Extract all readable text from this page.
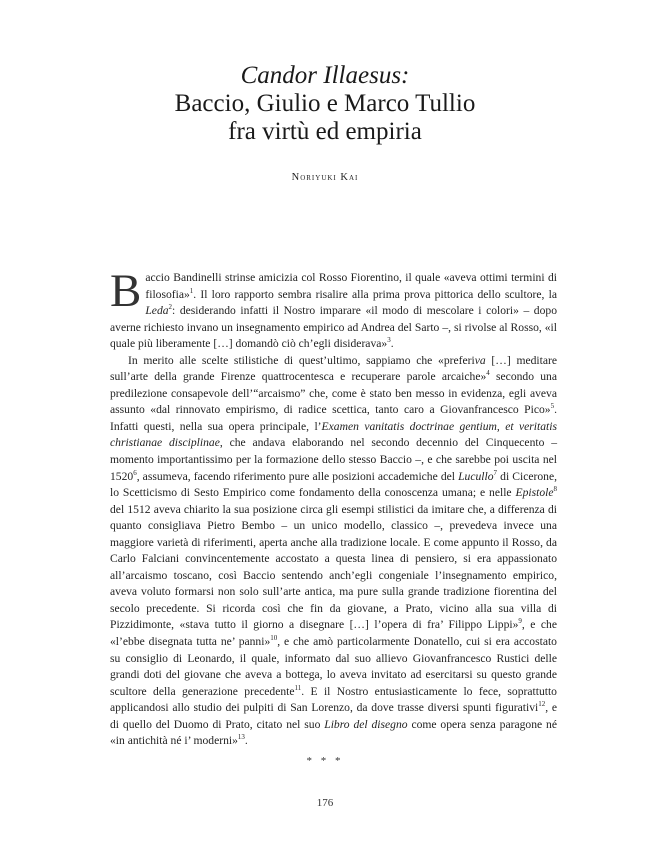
Candor Illaesus:
Baccio, Giulio e Marco Tullio
fra virtù ed empiria
Noriyuki Kai

Baccio Bandinelli strinse amicizia col Rosso Fiorentino, il quale «aveva ottimi termini di filosofia»$^1$. Il loro rapporto sembra risalire alla prima prova pittorica dello scultore, la Leda$^2$: desiderando infatti il Nostro imparare «il modo di mescolare i colori» – dopo averne richiesto invano un insegnamento empirico ad Andrea del Sarto –, si rivolse al Rosso, «il quale più liberamente […] domandò ciò ch’egli disiderava»$^3$.

In merito alle scelte stilistiche di quest’ultimo, sappiamo che «preferiva […] meditare sull’arte della grande Firenze quattrocentesca e recuperare parole arcaiche»$^4$ secondo una predilezione consapevole dell’“arcaismo” che, come è stato ben messo in evidenza, egli aveva assunto «dal rinnovato empirismo, di radice scettica, tanto caro a Giovanfrancesco Pico»$^5$. Infatti questi, nella sua opera principale, l’Examen vanitatis doctrinae gentium, et veritatis christianae disciplinae, che andava elaborando nel secondo decennio del Cinquecento – momento importantissimo per la formazione dello stesso Baccio –, e che sarebbe poi uscita nel 1520$^6$, assumeva, facendo riferimento pure alle posizioni accademiche del Lucullo$^7$ di Cicerone, lo Scetticismo di Sesto Empirico come fondamento della conoscenza umana; e nelle Epistole$^8$ del 1512 aveva chiarito la sua posizione circa gli esempi stilistici da imitare che, a differenza di quanto consigliava Pietro Bembo – un unico modello, classico –, prevedeva invece una maggiore varietà di riferimenti, aperta anche alla tradizione locale. E come appunto il Rosso, da Carlo Falciani convincentemente accostato a questa linea di pensiero, si era appassionato all’arcaismo toscano, così Baccio sentendo anch’egli congeniale l’insegnamento empirico, aveva voluto formarsi non solo sull’arte antica, ma pure sulla grande tradizione fiorentina del secolo precedente. Si ricorda così che fin da giovane, a Prato, vicino alla sua villa di Pizzidimonte, «stava tutto il giorno a disegnare […] l’opera di fra’ Filippo Lippi»$^9$, e che «l’ebbe disegnata tutta ne’ panni»$^{10}$, e che amò particolarmente Donatello, cui si era accostato su consiglio di Leonardo, il quale, informato dal suo allievo Giovanfrancesco Rustici delle grandi doti del giovane che aveva a bottega, lo aveva invitato ad esercitarsi su questo grande scultore della generazione precedente$^{11}$. E il Nostro entusiasticamente lo fece, soprattutto applicandosi allo studio dei pulpiti di San Lorenzo, da dove trasse diversi spunti figurativi$^{12}$, e di quello del Duomo di Prato, citato nel suo Libro del disegno come opera senza paragone né «in antichità né i’ moderni»$^{13}$.

* * *
176
